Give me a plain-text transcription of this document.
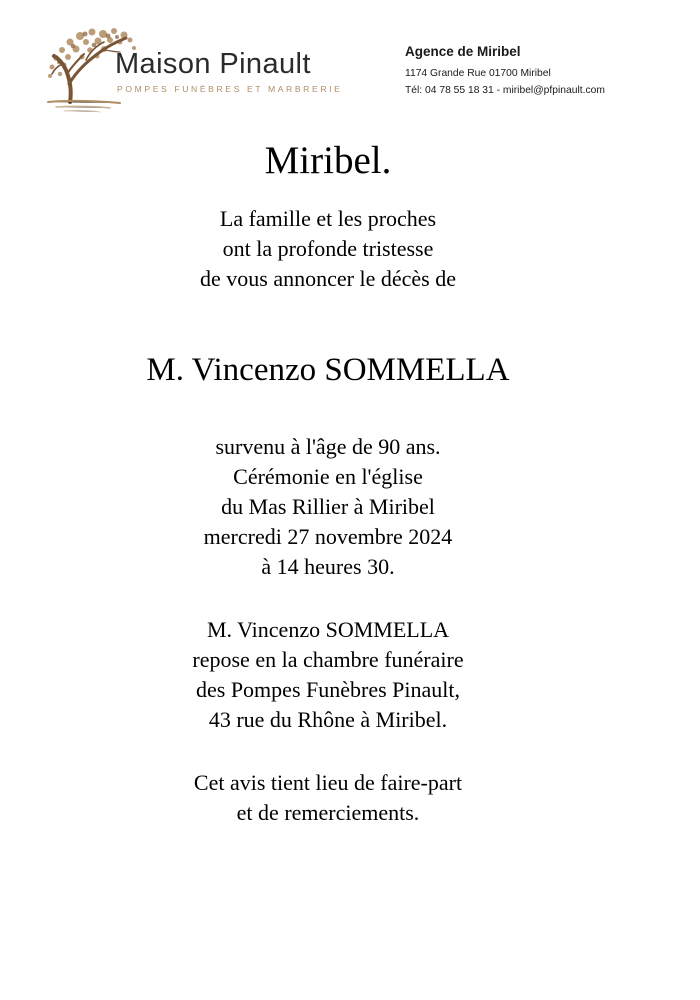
Maison Pinault
POMPES FUNÈBRES ET MARBRERIE
Agence de Miribel
1174 Grande Rue 01700 Miribel
Tél: 04 78 55 18 31 - miribel@pfpinault.com
Miribel.
La famille et les proches
ont la profonde tristesse
de vous annoncer le décès de
M. Vincenzo SOMMELLA
survenu à l'âge de 90 ans.
Cérémonie en l'église
du Mas Rillier à Miribel
mercredi 27 novembre 2024
à 14 heures 30.
M. Vincenzo SOMMELLA
repose en la chambre funéraire
des Pompes Funèbres Pinault,
43 rue du Rhône à Miribel.
Cet avis tient lieu de faire-part
et de remerciements.
